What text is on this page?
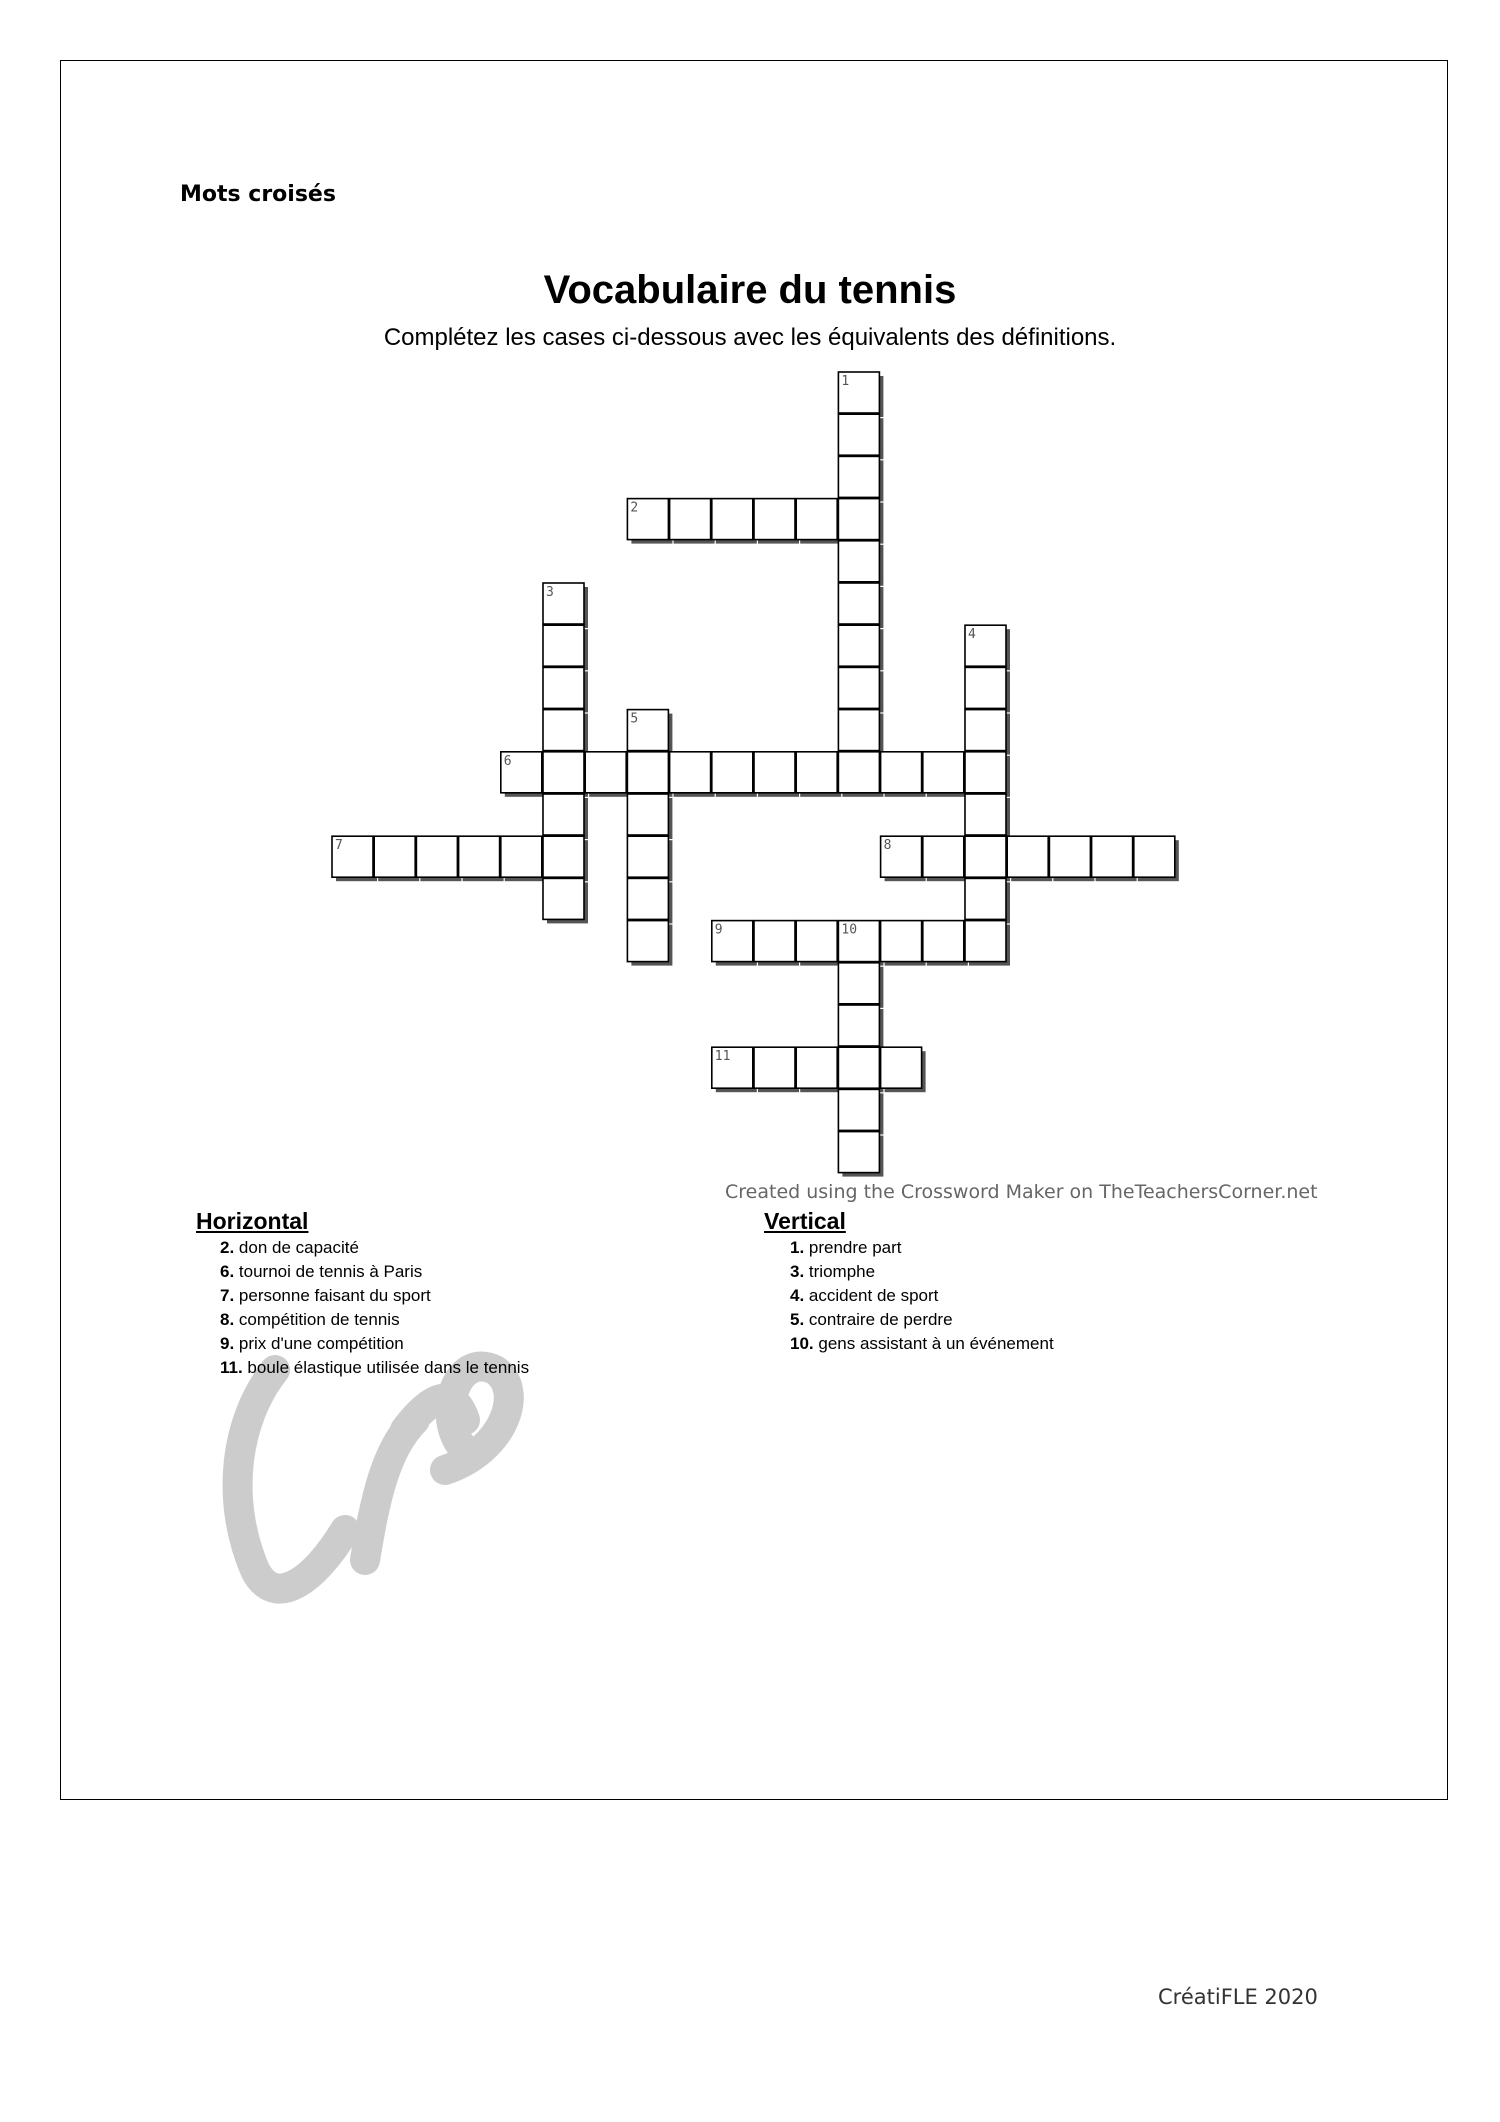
Mots croisés
Vocabulaire du tennis
Complétez les cases ci-dessous avec les équivalents des définitions.
1
2
3
4
5
6
7	8
9	10
11
Created using the Crossword Maker on TheTeachersCorner.net
Horizontal
2. don de capacité
6. tournoi de tennis à Paris
7. personne faisant du sport
8. compétition de tennis
9. prix d'une compétition
11. boule élastique utilisée dans le tennis
Vertical
1. prendre part
3. triomphe
4. accident de sport
5. contraire de perdre
10. gens assistant à un événement
CréatiFLE 2020
